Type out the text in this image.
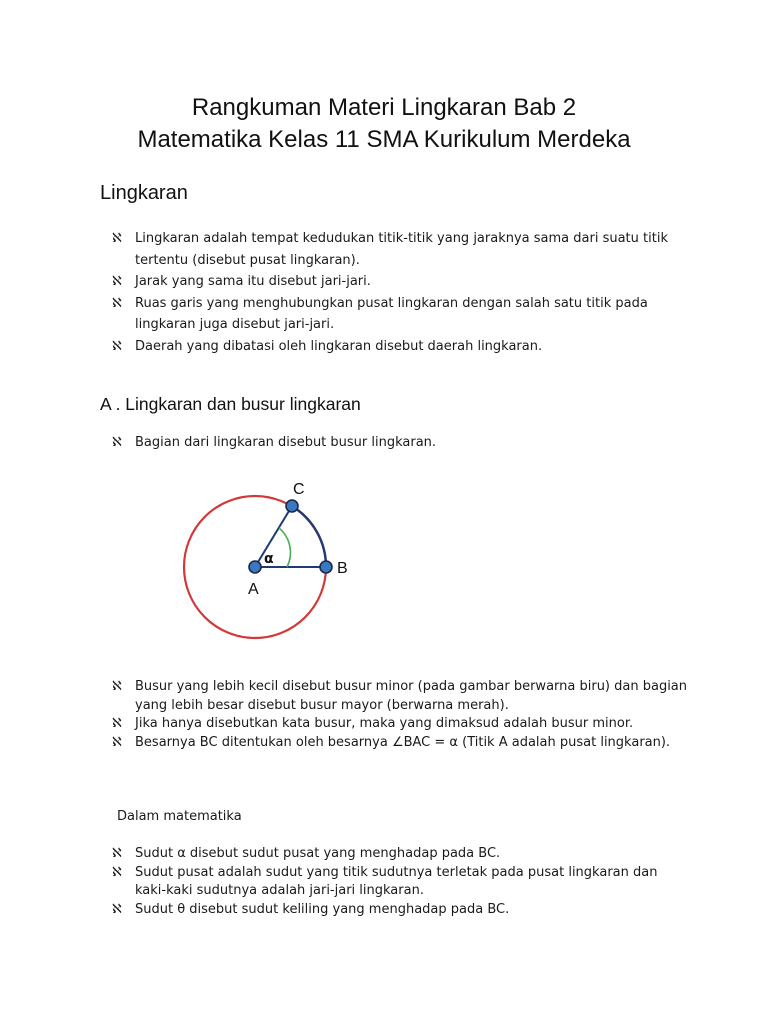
Rangkuman Materi Lingkaran Bab 2
Matematika Kelas 11 SMA Kurikulum Merdeka
Lingkaran
ℵ Lingkaran adalah tempat kedudukan titik-titik yang jaraknya sama dari suatu titik tertentu (disebut pusat lingkaran).
ℵ Jarak yang sama itu disebut jari-jari.
ℵ Ruas garis yang menghubungkan pusat lingkaran dengan salah satu titik pada lingkaran juga disebut jari-jari.
ℵ Daerah yang dibatasi oleh lingkaran disebut daerah lingkaran.
A . Lingkaran dan busur lingkaran
ℵ Bagian dari lingkaran disebut busur lingkaran.
A
B
C
α
ℵ Busur yang lebih kecil disebut busur minor (pada gambar berwarna biru) dan bagian yang lebih besar disebut busur mayor (berwarna merah).
ℵ Jika hanya disebutkan kata busur, maka yang dimaksud adalah busur minor.
ℵ Besarnya BC ditentukan oleh besarnya ∠BAC = α (Titik A adalah pusat lingkaran).
Dalam matematika
ℵ Sudut α disebut sudut pusat yang menghadap pada BC.
ℵ Sudut pusat adalah sudut yang titik sudutnya terletak pada pusat lingkaran dan kaki-kaki sudutnya adalah jari-jari lingkaran.
ℵ Sudut θ disebut sudut keliling yang menghadap pada BC.
